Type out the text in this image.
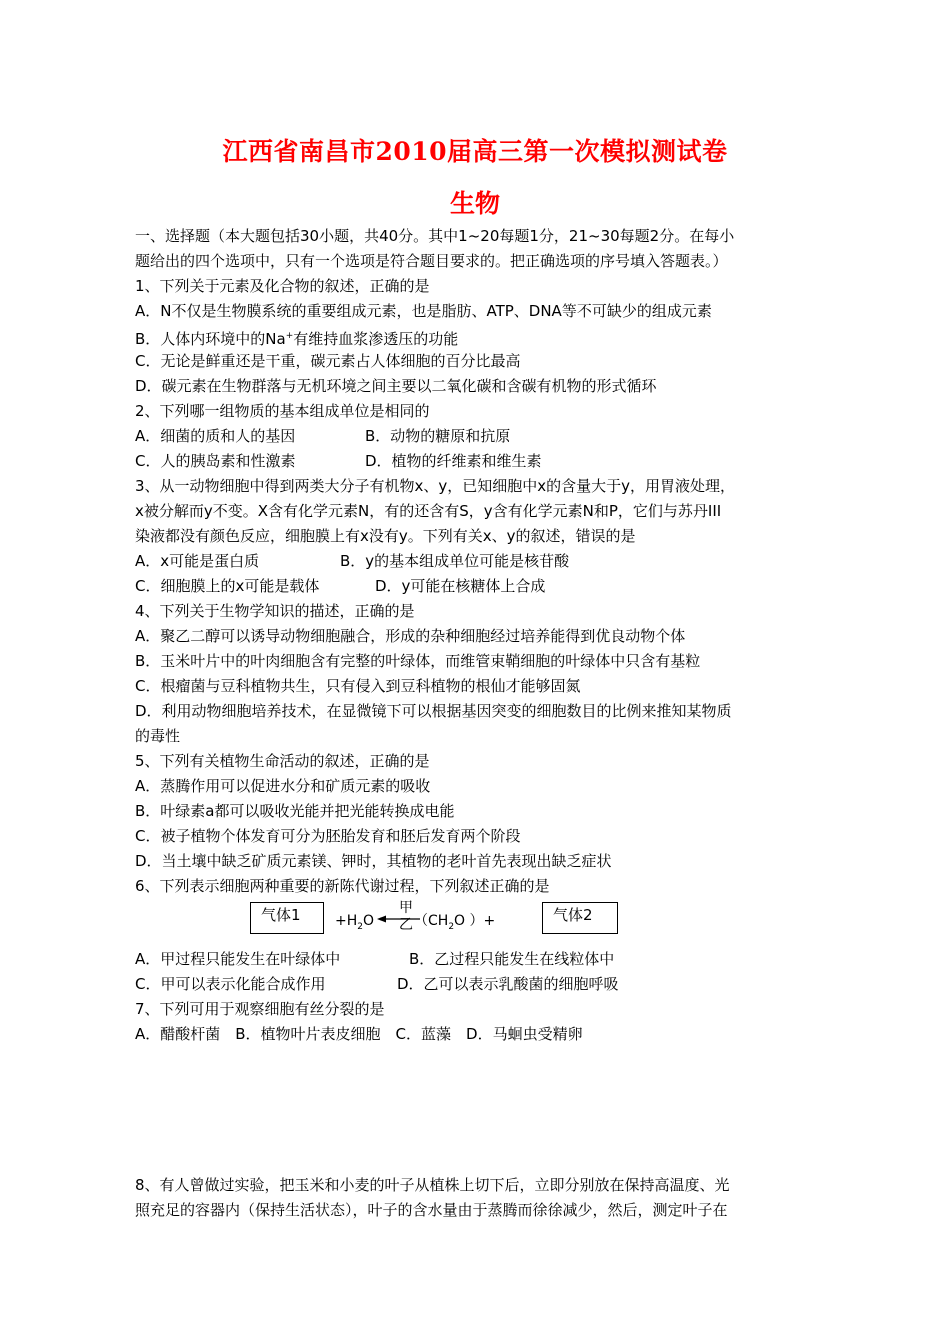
江西省南昌市2010届高三第一次模拟测试卷
生物
一、选择题（本大题包括30小题，共40分。其中1~20每题1分，21~30每题2分。在每小
题给出的四个选项中，只有一个选项是符合题目要求的。把正确选项的序号填入答题表。）
1、下列关于元素及化合物的叙述，正确的是
A．N不仅是生物膜系统的重要组成元素，也是脂肪、ATP、DNA等不可缺少的组成元素
B．人体内环境中的Na+有维持血浆渗透压的功能
C．无论是鲜重还是干重，碳元素占人体细胞的百分比最高
D．碳元素在生物群落与无机环境之间主要以二氧化碳和含碳有机物的形式循环
2、下列哪一组物质的基本组成单位是相同的
A．细菌的质和人的基因	B．动物的糖原和抗原
C．人的胰岛素和性激素	D．植物的纤维素和维生素
3、从一动物细胞中得到两类大分子有机物x、y，已知细胞中x的含量大于y，用胃液处理，
x被分解而y不变。X含有化学元素N，有的还含有S，y含有化学元素N和P，它们与苏丹III
染液都没有颜色反应，细胞膜上有x没有y。下列有关x、y的叙述，错误的是
A．x可能是蛋白质	B．y的基本组成单位可能是核苷酸
C．细胞膜上的x可能是载体	D．y可能在核糖体上合成
4、下列关于生物学知识的描述，正确的是
A．聚乙二醇可以诱导动物细胞融合，形成的杂种细胞经过培养能得到优良动物个体
B．玉米叶片中的叶肉细胞含有完整的叶绿体，而维管束鞘细胞的叶绿体中只含有基粒
C．根瘤菌与豆科植物共生，只有侵入到豆科植物的根仙才能够固氮
D．利用动物细胞培养技术，在显微镜下可以根据基因突变的细胞数目的比例来推知某物质
的毒性
5、下列有关植物生命活动的叙述，正确的是
A．蒸腾作用可以促进水分和矿质元素的吸收
B．叶绿素a都可以吸收光能并把光能转换成电能
C．被子植物个体发育可分为胚胎发育和胚后发育两个阶段
D．当土壤中缺乏矿质元素镁、钾时，其植物的老叶首先表现出缺乏症状
6、下列表示细胞两种重要的新陈代谢过程，下列叙述正确的是
气体1	$+H_2O$
甲
乙 （$CH_2O$ ）+	气体2
A．甲过程只能发生在叶绿体中	B．乙过程只能发生在线粒体中
C．甲可以表示化能合成作用	D．乙可以表示乳酸菌的细胞呼吸
7、下列可用于观察细胞有丝分裂的是
A．醋酸杆菌　B．植物叶片表皮细胞　C．蓝藻　D．马蛔虫受精卵
8、有人曾做过实验，把玉米和小麦的叶子从植株上切下后，立即分别放在保持高温度、光
照充足的容器内（保持生活状态），叶子的含水量由于蒸腾而徐徐减少，然后，测定叶子在
